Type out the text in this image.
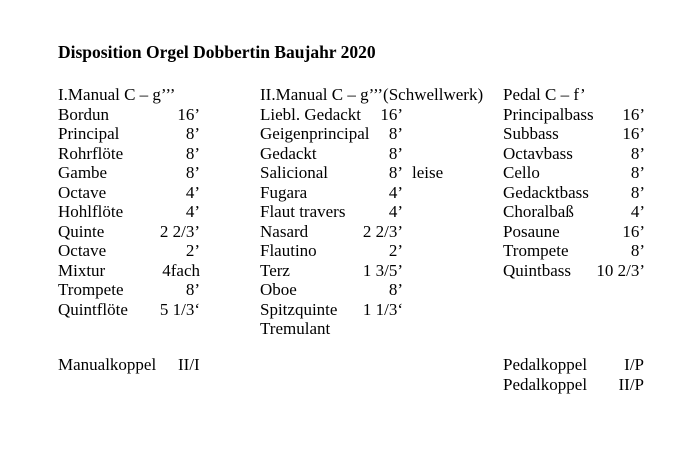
Disposition Orgel Dobbertin Baujahr 2020
I.Manual C – g’’’
Bordun	16’
Principal	8’
Rohrflöte	8’
Gambe	8’
Octave	4’
Hohlflöte	4’
Quinte	2 2/3’
Octave	2’
Mixtur	4fach
Trompete	8’
Quintflöte 5 1/3‘
II.Manual C – g’’’(Schwellwerk)
Liebl. Gedackt 16’
Geigenprincipal 8’
Gedackt	8’
Salicional	8’ leise
Fugara	4’
Flaut travers	4’
Nasard	2 2/3’
Flautino	2’
Terz	1 3/5’
Oboe	8’
Spitzquinte 1 1/3‘
Tremulant
Pedal C – f’
Principalbass 16’
Subbass	16’
Octavbass	8’
Cello	8’
Gedacktbass 8’
Choralbaß	4’
Posaune	16’
Trompete	8’
Quintbass 10 2/3’
Manualkoppel II/I	Pedalkoppel I/P
Pedalkoppel II/P
